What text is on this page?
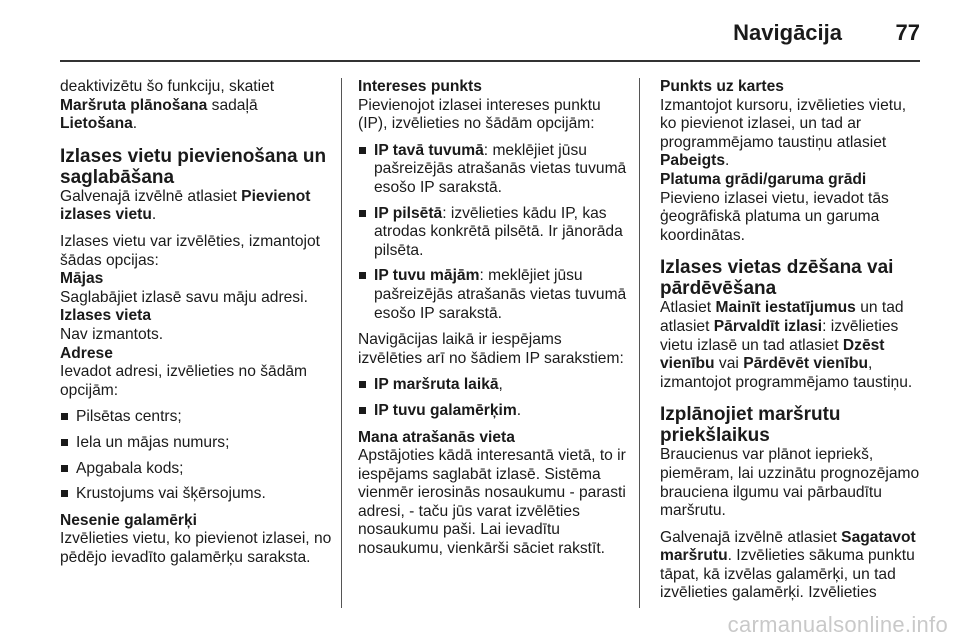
Navigācija 77

deaktivizētu šo funkciju, skatiet Maršruta plānošana sadaļā Lietošana.

Izlases vietu pievienošana un saglabāšana

Galvenajā izvēlnē atlasiet Pievienot izlases vietu.

Izlases vietu var izvēlēties, izmantojot šādas opcijas:

Mājas

Saglabājiet izlasē savu māju adresi.

Izlases vieta

Nav izmantots.

Adrese

Ievadot adresi, izvēlieties no šādām opcijām:

Pilsētas centrs;
Iela un mājas numurs;
Apgabala kods;
Krustojums vai šķērsojums.

Nesenie galamērķi

Izvēlieties vietu, ko pievienot izlasei, no pēdējo ievadīto galamērķu saraksta.

Intereses punkts

Pievienojot izlasei intereses punktu (IP), izvēlieties no šādām opcijām:

IP tavā tuvumā: meklējiet jūsu pašreizējās atrašanās vietas tuvumā esošo IP sarakstā.
IP pilsētā: izvēlieties kādu IP, kas atrodas konkrētā pilsētā. Ir jānorāda pilsēta.
IP tuvu mājām: meklējiet jūsu pašreizējās atrašanās vietas tuvumā esošo IP sarakstā.

Navigācijas laikā ir iespējams izvēlēties arī no šādiem IP sarakstiem:

IP maršruta laikā,
IP tuvu galamērķim.

Mana atrašanās vieta

Apstājoties kādā interesantā vietā, to ir iespējams saglabāt izlasē. Sistēma vienmēr ierosinās nosaukumu - parasti adresi, - taču jūs varat izvēlēties nosaukumu paši. Lai ievadītu nosaukumu, vienkārši sāciet rakstīt.

Punkts uz kartes

Izmantojot kursoru, izvēlieties vietu, ko pievienot izlasei, un tad ar programmējamo taustiņu atlasiet Pabeigts.

Platuma grādi/garuma grādi

Pievieno izlasei vietu, ievadot tās ģeogrāfiskā platuma un garuma koordinātas.

Izlases vietas dzēšana vai pārdēvēšana

Atlasiet Mainīt iestatījumus un tad atlasiet Pārvaldīt izlasi: izvēlieties vietu izlasē un tad atlasiet Dzēst vienību vai Pārdēvēt vienību, izmantojot programmējamo taustiņu.

Izplānojiet maršrutu priekšlaikus

Braucienus var plānot iepriekš, piemēram, lai uzzinātu prognozējamo brauciena ilgumu vai pārbaudītu maršrutu.

Galvenajā izvēlnē atlasiet Sagatavot maršrutu. Izvēlieties sākuma punktu tāpat, kā izvēlas galamērķi, un tad izvēlieties galamērķi. Izvēlieties

carmanualsonline.info
